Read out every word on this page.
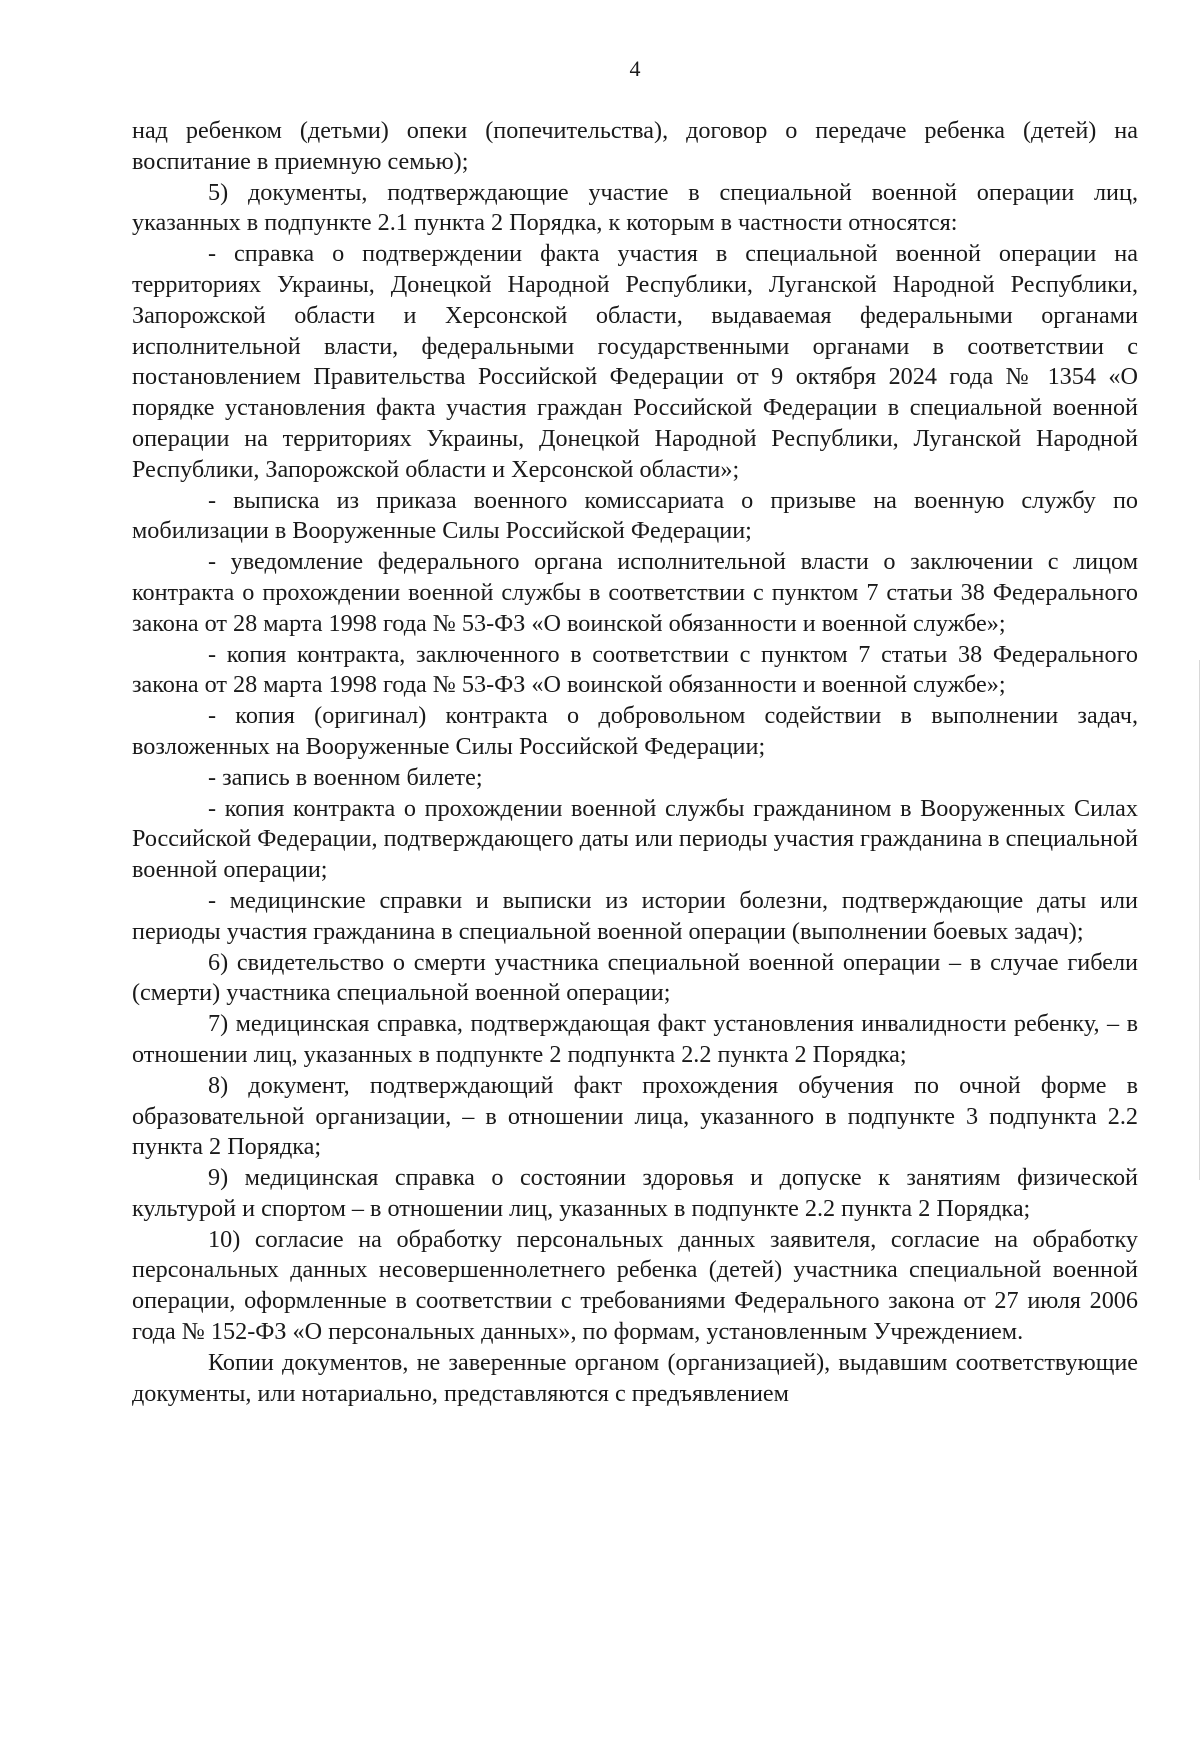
4

над ребенком (детьми) опеки (попечительства), договор о передаче ребенка (детей) на воспитание в приемную семью);

5) документы, подтверждающие участие в специальной военной операции лиц, указанных в подпункте 2.1 пункта 2 Порядка, к которым в частности относятся:

- справка о подтверждении факта участия в специальной военной операции на территориях Украины, Донецкой Народной Республики, Луганской Народной Республики, Запорожской области и Херсонской области, выдаваемая федеральными органами исполнительной власти, федеральными государственными органами в соответствии с постановлением Правительства Российской Федерации от 9 октября 2024 года № 1354 «О порядке установления факта участия граждан Российской Федерации в специальной военной операции на территориях Украины, Донецкой Народной Республики, Луганской Народной Республики, Запорожской области и Херсонской области»;

- выписка из приказа военного комиссариата о призыве на военную службу по мобилизации в Вооруженные Силы Российской Федерации;

- уведомление федерального органа исполнительной власти о заключении с лицом контракта о прохождении военной службы в соответствии с пунктом 7 статьи 38 Федерального закона от 28 марта 1998 года № 53-ФЗ «О воинской обязанности и военной службе»;

- копия контракта, заключенного в соответствии с пунктом 7 статьи 38 Федерального закона от 28 марта 1998 года № 53-ФЗ «О воинской обязанности и военной службе»;

- копия (оригинал) контракта о добровольном содействии в выполнении задач, возложенных на Вооруженные Силы Российской Федерации;

- запись в военном билете;

- копия контракта о прохождении военной службы гражданином в Вооруженных Силах Российской Федерации, подтверждающего даты или периоды участия гражданина в специальной военной операции;

- медицинские справки и выписки из истории болезни, подтверждающие даты или периоды участия гражданина в специальной военной операции (выполнении боевых задач);

6) свидетельство о смерти участника специальной военной операции – в случае гибели (смерти) участника специальной военной операции;

7) медицинская справка, подтверждающая факт установления инвалидности ребенку, – в отношении лиц, указанных в подпункте 2 подпункта 2.2 пункта 2 Порядка;

8) документ, подтверждающий факт прохождения обучения по очной форме в образовательной организации, – в отношении лица, указанного в подпункте 3 подпункта 2.2 пункта 2 Порядка;

9) медицинская справка о состоянии здоровья и допуске к занятиям физической культурой и спортом – в отношении лиц, указанных в подпункте 2.2 пункта 2 Порядка;

10) согласие на обработку персональных данных заявителя, согласие на обработку персональных данных несовершеннолетнего ребенка (детей) участника специальной военной операции, оформленные в соответствии с требованиями Федерального закона от 27 июля 2006 года № 152-ФЗ «О персональных данных», по формам, установленным Учреждением.

Копии документов, не заверенные органом (организацией), выдавшим соответствующие документы, или нотариально, представляются с предъявлением
